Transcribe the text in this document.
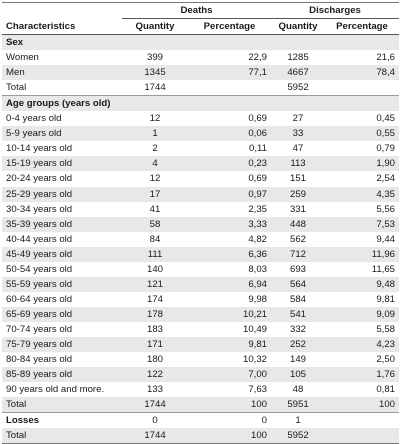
	Deaths		Discharges	
Characteristics	Quantity	Percentage	Quantity	Percentage
Sex				
Women	399	22,9	1285	21,6
Men	1345	77,1	4667	78,4
Total	1744		5952	
Age groups (years old)				
0-4 years old	12	0,69	27	0,45
5-9 years old	1	0,06	33	0,55
10-14 years old	2	0,11	47	0,79
15-19 years old	4	0,23	113	1,90
20-24 years old	12	0,69	151	2,54
25-29 years old	17	0,97	259	4,35
30-34 years old	41	2,35	331	5,56
35-39 years old	58	3,33	448	7,53
40-44 years old	84	4,82	562	9,44
45-49 years old	111	6,36	712	11,96
50-54 years old	140	8,03	693	11,65
55-59 years old	121	6,94	564	9,48
60-64 years old	174	9,98	584	9,81
65-69 years old	178	10,21	541	9,09
70-74 years old	183	10,49	332	5,58
75-79 years old	171	9,81	252	4,23
80-84 years old	180	10,32	149	2,50
85-89 years old	122	7,00	105	1,76
90 years old and more.	133	7,63	48	0,81
Total	1744	100	5951	100
Losses	0	0	1	
Total	1744	100	5952	
